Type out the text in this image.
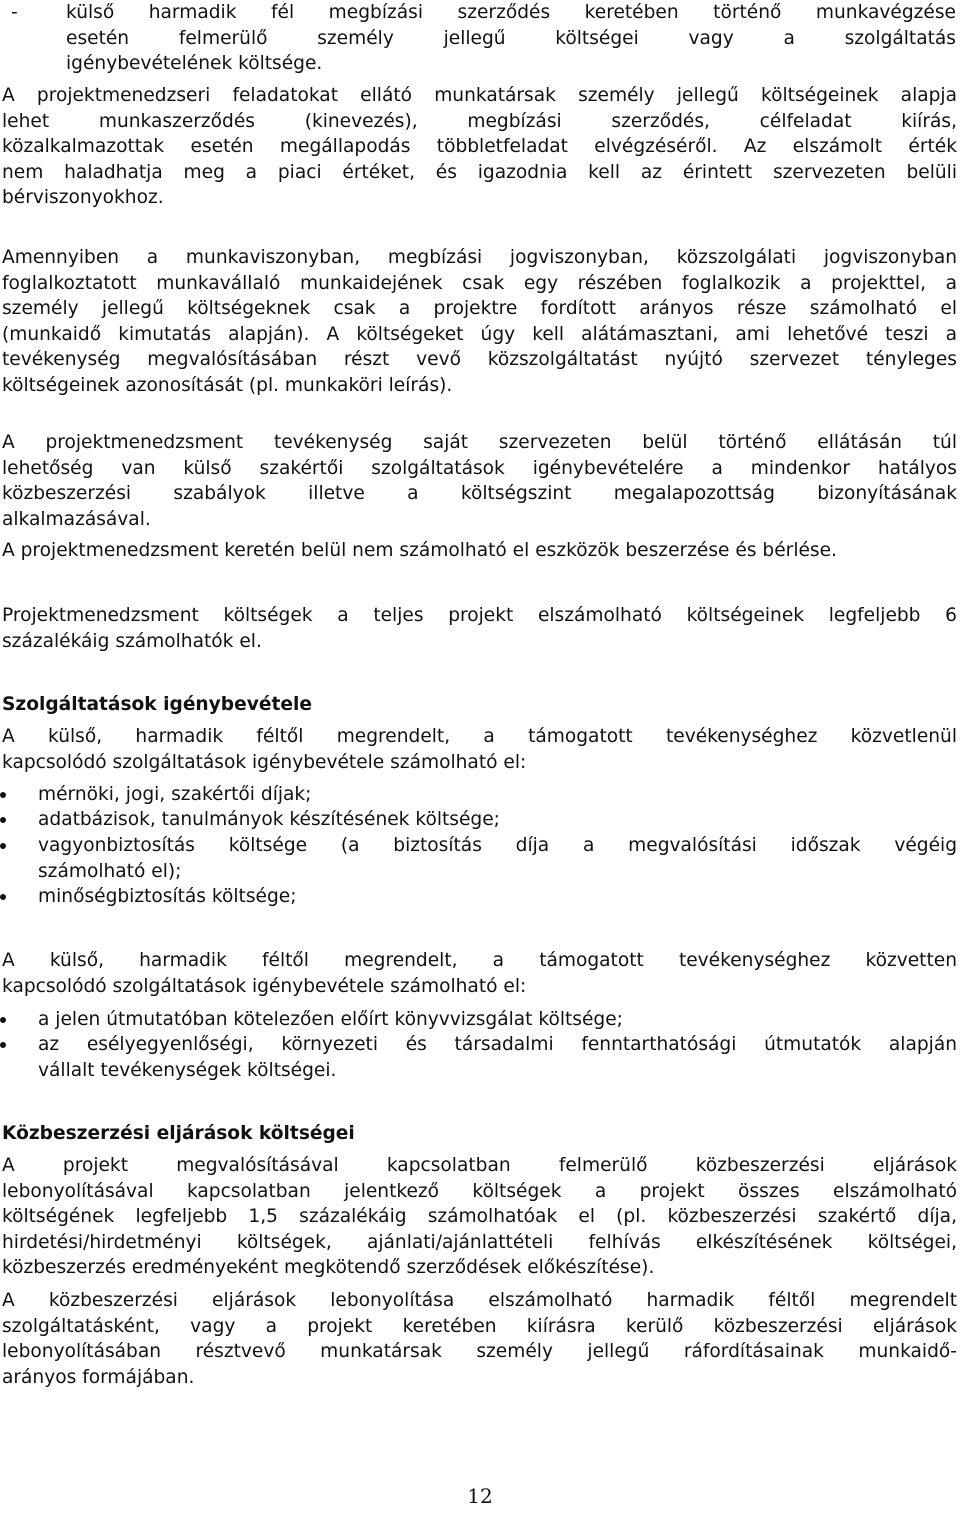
-	külső harmadik fél megbízási szerződés keretében történő munkavégzése
esetén felmerülő személy jellegű költségei vagy a szolgáltatás
igénybevételének költsége.
A projektmenedzseri feladatokat ellátó munkatársak személy jellegű költségeinek alapja
lehet munkaszerződés (kinevezés), megbízási szerződés, célfeladat kiírás,
közalkalmazottak esetén megállapodás többletfeladat elvégzéséről. Az elszámolt érték
nem haladhatja meg a piaci értéket, és igazodnia kell az érintett szervezeten belüli
bérviszonyokhoz.
Amennyiben a munkaviszonyban, megbízási jogviszonyban, közszolgálati jogviszonyban
foglalkoztatott munkavállaló munkaidejének csak egy részében foglalkozik a projekttel, a
személy jellegű költségeknek csak a projektre fordított arányos része számolható el
(munkaidő kimutatás alapján). A költségeket úgy kell alátámasztani, ami lehetővé teszi a
tevékenység megvalósításában részt vevő közszolgáltatást nyújtó szervezet tényleges
költségeinek azonosítását (pl. munkaköri leírás).
A projektmenedzsment tevékenység saját szervezeten belül történő ellátásán túl
lehetőség van külső szakértői szolgáltatások igénybevételére a mindenkor hatályos
közbeszerzési szabályok illetve a költségszint megalapozottság bizonyításának
alkalmazásával.
A projektmenedzsment keretén belül nem számolható el eszközök beszerzése és bérlése.
Projektmenedzsment költségek a teljes projekt elszámolható költségeinek legfeljebb 6
százalékáig számolhatók el.
Szolgáltatások igénybevétele
A külső, harmadik féltől megrendelt, a támogatott tevékenységhez közvetlenül
kapcsolódó szolgáltatások igénybevétele számolható el:
mérnöki, jogi, szakértői díjak;
adatbázisok, tanulmányok készítésének költsége;
vagyonbiztosítás költsége (a biztosítás díja a megvalósítási időszak végéig
számolható el);
minőségbiztosítás költsége;
A külső, harmadik féltől megrendelt, a támogatott tevékenységhez közvetten
kapcsolódó szolgáltatások igénybevétele számolható el:
a jelen útmutatóban kötelezően előírt könyvvizsgálat költsége;
az esélyegyenlőségi, környezeti és társadalmi fenntarthatósági útmutatók alapján
vállalt tevékenységek költségei.
Közbeszerzési eljárások költségei
A projekt megvalósításával kapcsolatban felmerülő közbeszerzési eljárások
lebonyolításával kapcsolatban jelentkező költségek a projekt összes elszámolható
költségének legfeljebb 1,5 százalékáig számolhatóak el (pl. közbeszerzési szakértő díja,
hirdetési/hirdetményi költségek, ajánlati/ajánlattételi felhívás elkészítésének költségei,
közbeszerzés eredményeként megkötendő szerződések előkészítése).
A közbeszerzési eljárások lebonyolítása elszámolható harmadik féltől megrendelt
szolgáltatásként, vagy a projekt keretében kiírásra kerülő közbeszerzési eljárások
lebonyolításában résztvevő munkatársak személy jellegű ráfordításainak munkaidő-
arányos formájában.
12
